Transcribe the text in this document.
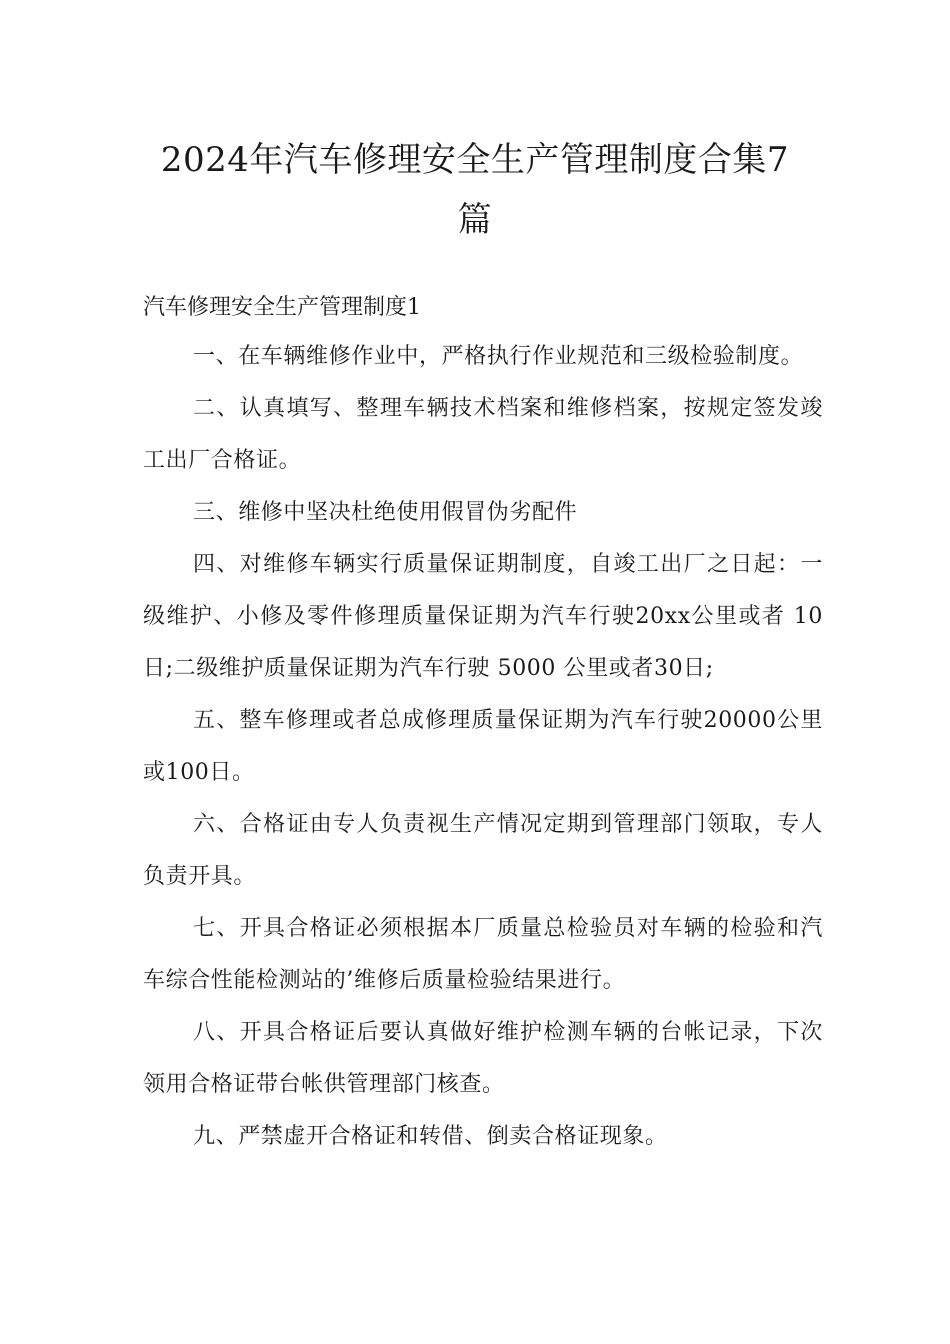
2024年汽车修理安全生产管理制度合集7
篇

汽车修理安全生产管理制度1

一、在车辆维修作业中，严格执行作业规范和三级检验制度。

二、认真填写、整理车辆技术档案和维修档案，按规定签发竣工出厂合格证。

三、维修中坚决杜绝使用假冒伪劣配件

四、对维修车辆实行质量保证期制度，自竣工出厂之日起：一级维护、小修及零件修理质量保证期为汽车行驶20xx公里或者 10 日;二级维护质量保证期为汽车行驶 5000 公里或者30日;

五、整车修理或者总成修理质量保证期为汽车行驶20000公里或100日。

六、合格证由专人负责视生产情况定期到管理部门领取，专人负责开具。

七、开具合格证必须根据本厂质量总检验员对车辆的检验和汽车综合性能检测站的’维修后质量检验结果进行。

八、开具合格证后要认真做好维护检测车辆的台帐记录，下次领用合格证带台帐供管理部门核查。

九、严禁虚开合格证和转借、倒卖合格证现象。
